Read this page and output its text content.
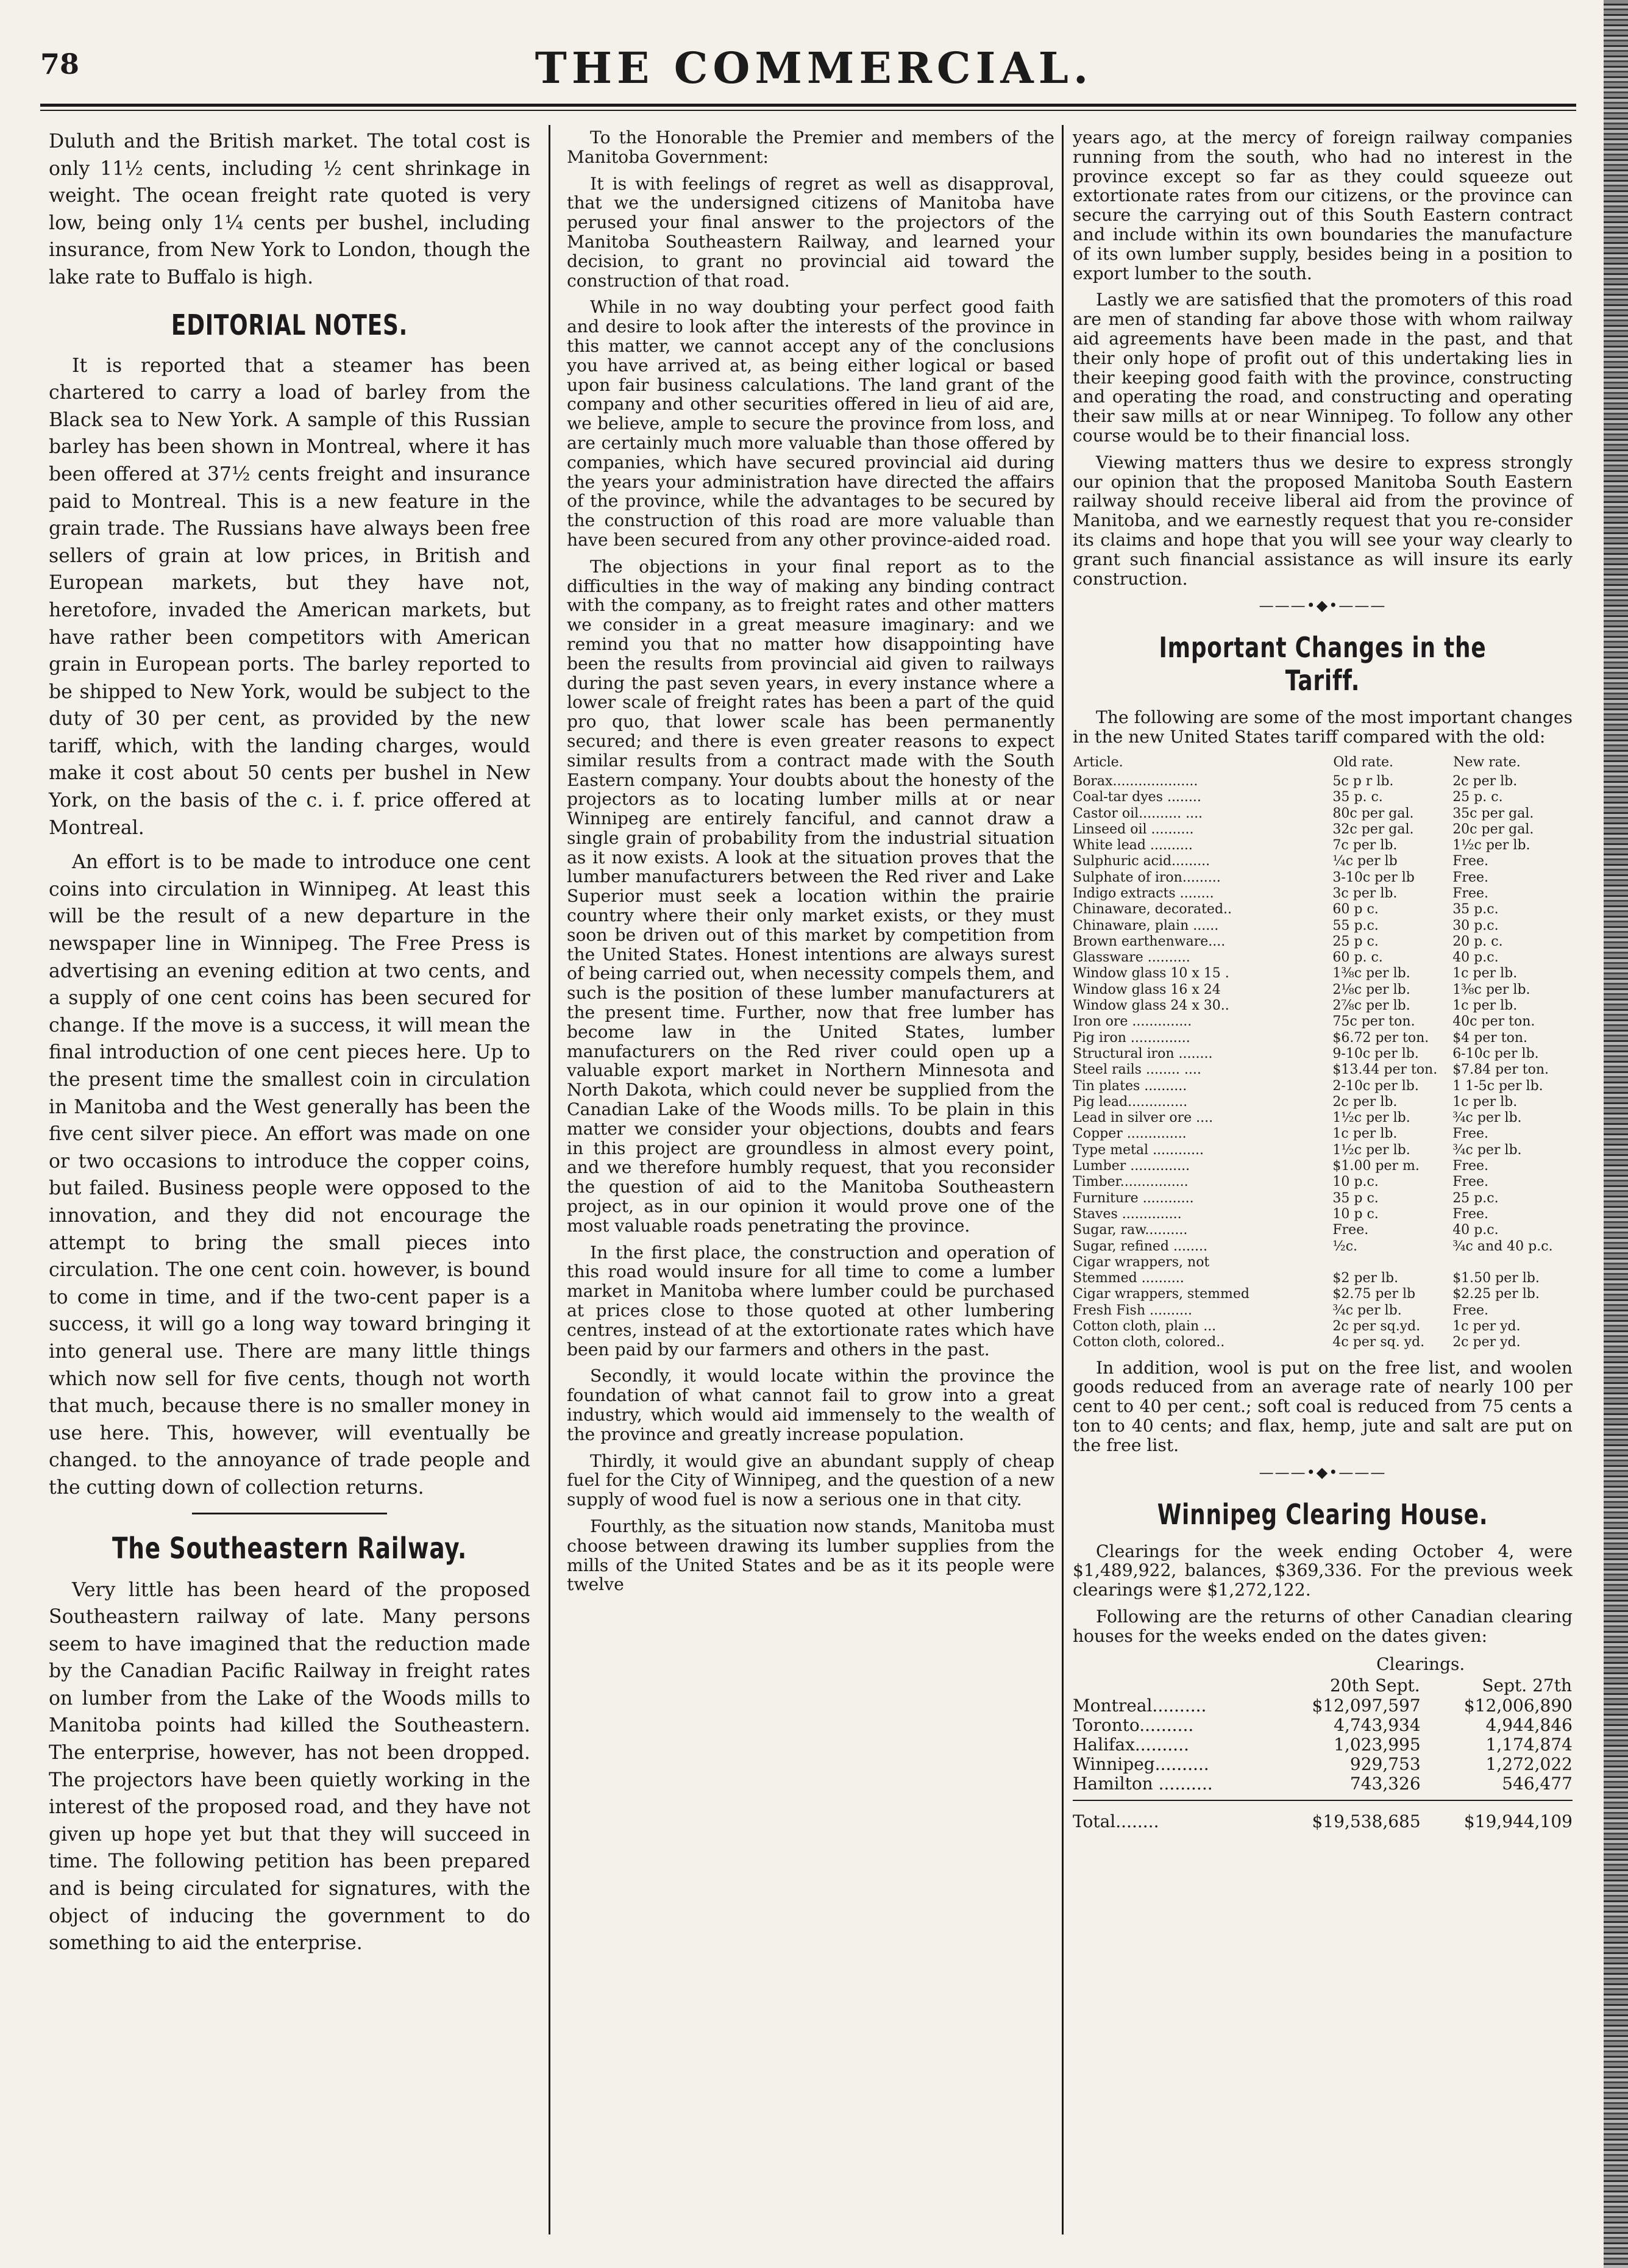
78	THE COMMERCIAL.

Duluth and the British market. The total cost is only 11½ cents, including ½ cent shrinkage in weight. The ocean freight rate quoted is very low, being only 1¼ cents per bushel, including insurance, from New York to London, though the lake rate to Buffalo is high.

EDITORIAL NOTES.

It is reported that a steamer has been chartered to carry a load of barley from the Black sea to New York. A sample of this Russian barley has been shown in Montreal, where it has been offered at 37½ cents freight and insurance paid to Montreal. This is a new feature in the grain trade. The Russians have always been free sellers of grain at low prices, in British and European markets, but they have not, heretofore, invaded the American markets, but have rather been competitors with American grain in European ports. The barley reported to be shipped to New York, would be subject to the duty of 30 per cent, as provided by the new tariff, which, with the landing charges, would make it cost about 50 cents per bushel in New York, on the basis of the c. i. f. price offered at Montreal.

An effort is to be made to introduce one cent coins into circulation in Winnipeg. At least this will be the result of a new departure in the newspaper line in Winnipeg. The Free Press is advertising an evening edition at two cents, and a supply of one cent coins has been secured for change. If the move is a success, it will mean the final introduction of one cent pieces here. Up to the present time the smallest coin in circulation in Manitoba and the West generally has been the five cent silver piece. An effort was made on one or two occasions to introduce the copper coins, but failed. Business people were opposed to the innovation, and they did not encourage the attempt to bring the small pieces into circulation. The one cent coin. however, is bound to come in time, and if the two-cent paper is a success, it will go a long way toward bringing it into general use. There are many little things which now sell for five cents, though not worth that much, because there is no smaller money in use here. This, however, will eventually be changed. to the annoyance of trade people and the cutting down of collection returns.

The Southeastern Railway.

Very little has been heard of the proposed Southeastern railway of late. Many persons seem to have imagined that the reduction made by the Canadian Pacific Railway in freight rates on lumber from the Lake of the Woods mills to Manitoba points had killed the Southeastern. The enterprise, however, has not been dropped. The projectors have been quietly working in the interest of the proposed road, and they have not given up hope yet but that they will succeed in time. The following petition has been prepared and is being circulated for signatures, with the object of inducing the government to do something to aid the enterprise.

To the Honorable the Premier and members of the Manitoba Government:

It is with feelings of regret as well as disapproval, that we the undersigned citizens of Manitoba have perused your final answer to the projectors of the Manitoba Southeastern Railway, and learned your decision, to grant no provincial aid toward the construction of that road.

While in no way doubting your perfect good faith and desire to look after the interests of the province in this matter, we cannot accept any of the conclusions you have arrived at, as being either logical or based upon fair business calculations. The land grant of the company and other securities offered in lieu of aid are, we believe, ample to secure the province from loss, and are certainly much more valuable than those offered by companies, which have secured provincial aid during the years your administration have directed the affairs of the province, while the advantages to be secured by the construction of this road are more valuable than have been secured from any other province-aided road.

The objections in your final report as to the difficulties in the way of making any binding contract with the company, as to freight rates and other matters we consider in a great measure imaginary: and we remind you that no matter how disappointing have been the results from provincial aid given to railways during the past seven years, in every instance where a lower scale of freight rates has been a part of the quid pro quo, that lower scale has been permanently secured; and there is even greater reasons to expect similar results from a contract made with the South Eastern company. Your doubts about the honesty of the projectors as to locating lumber mills at or near Winnipeg are entirely fanciful, and cannot draw a single grain of probability from the industrial situation as it now exists. A look at the situation proves that the lumber manufacturers between the Red river and Lake Superior must seek a location within the prairie country where their only market exists, or they must soon be driven out of this market by competition from the United States. Honest intentions are always surest of being carried out, when necessity compels them, and such is the position of these lumber manufacturers at the present time. Further, now that free lumber has become law in the United States, lumber manufacturers on the Red river could open up a valuable export market in Northern Minnesota and North Dakota, which could never be supplied from the Canadian Lake of the Woods mills. To be plain in this matter we consider your objections, doubts and fears in this project are groundless in almost every point, and we therefore humbly request, that you reconsider the question of aid to the Manitoba Southeastern project, as in our opinion it would prove one of the most valuable roads penetrating the province.

In the first place, the construction and operation of this road would insure for all time to come a lumber market in Manitoba where lumber could be purchased at prices close to those quoted at other lumbering centres, instead of at the extortionate rates which have been paid by our farmers and others in the past.

Secondly, it would locate within the province the foundation of what cannot fail to grow into a great industry, which would aid immensely to the wealth of the province and greatly increase population.

Thirdly, it would give an abundant supply of cheap fuel for the City of Winnipeg, and the question of a new supply of wood fuel is now a serious one in that city.

Fourthly, as the situation now stands, Manitoba must choose between drawing its lumber supplies from the mills of the United States and be as it its people were twelve

years ago, at the mercy of foreign railway companies running from the south, who had no interest in the province except so far as they could squeeze out extortionate rates from our citizens, or the province can secure the carrying out of this South Eastern contract and include within its own boundaries the manufacture of its own lumber supply, besides being in a position to export lumber to the south.

Lastly we are satisfied that the promoters of this road are men of standing far above those with whom railway aid agreements have been made in the past, and that their only hope of profit out of this undertaking lies in their keeping good faith with the province, constructing and operating the road, and constructing and operating their saw mills at or near Winnipeg. To follow any other course would be to their financial loss.

Viewing matters thus we desire to express strongly our opinion that the proposed Manitoba South Eastern railway should receive liberal aid from the province of Manitoba, and we earnestly request that you re-consider its claims and hope that you will see your way clearly to grant such financial assistance as will insure its early construction.

———•◆•———
Important Changes in the Tariff.

The following are some of the most important changes in the new United States tariff compared with the old:

Article.	Old rate.	New rate.
Borax....................	5c p r lb.	2c per lb.
Coal-tar dyes ........	35 p. c.	25 p. c.
Castor oil.......... ....	80c per gal.	35c per gal.
Linseed oil ..........	32c per gal.	20c per gal.
White lead ..........	7c per lb.	1½c per lb.
Sulphuric acid.........	¼c per lb	Free.
Sulphate of iron.........	3-10c per lb	Free.
Indigo extracts ........	3c per lb.	Free.
Chinaware, decorated..	60 p c.	35 p.c.
Chinaware, plain ......	55 p.c.	30 p.c.
Brown earthenware....	25 p c.	20 p. c.
Glassware ..........	60 p. c.	40 p.c.
Window glass 10 x 15 .	1⅜c per lb.	1c per lb.
Window glass 16 x 24	2⅛c per lb.	1⅜c per lb.
Window glass 24 x 30..	2⅞c per lb.	1c per lb.
Iron ore ..............	75c per ton.	40c per ton.
Pig iron ..............	$6.72 per ton.	$4 per ton.
Structural iron ........	9-10c per lb.	6-10c per lb.
Steel rails ........ ....	$13.44 per ton.	$7.84 per ton.
Tin plates ..........	2-10c per lb.	1 1-5c per lb.
Pig lead..............	2c per lb.	1c per lb.
Lead in silver ore ....	1½c per lb.	¾c per lb.
Copper ..............	1c per lb.	Free.
Type metal ............	1½c per lb.	¾c per lb.
Lumber ..............	$1.00 per m.	Free.
Timber................	10 p.c.	Free.
Furniture ............	35 p c.	25 p.c.
Staves ..............	10 p c.	Free.
Sugar, raw..........	Free.	40 p.c.
Sugar, refined ........	½c.	¾c and 40 p.c.
Cigar wrappers, not		
Stemmed ..........	$2 per lb.	$1.50 per lb.
Cigar wrappers, stemmed	$2.75 per lb	$2.25 per lb.
Fresh Fish ..........	¾c per lb.	Free.
Cotton cloth, plain ...	2c per sq.yd.	1c per yd.
Cotton cloth, colored..	4c per sq. yd.	2c per yd.

In addition, wool is put on the free list, and woolen goods reduced from an average rate of nearly 100 per cent to 40 per cent.; soft coal is reduced from 75 cents a ton to 40 cents; and flax, hemp, jute and salt are put on the free list.

———•◆•———
Winnipeg Clearing House.

Clearings for the week ending October 4, were $1,489,922, balances, $369,336. For the previous week clearings were $1,272,122.

Following are the returns of other Canadian clearing houses for the weeks ended on the dates given:

	Clearings.	
	20th Sept.	Sept. 27th
Montreal..........	$12,097,597	$12,006,890
Toronto..........	4,743,934	4,944,846
Halifax..........	1,023,995	1,174,874
Winnipeg..........	929,753	1,272,022
Hamilton ..........	743,326	546,477

Total........	$19,538,685	$19,944,109
